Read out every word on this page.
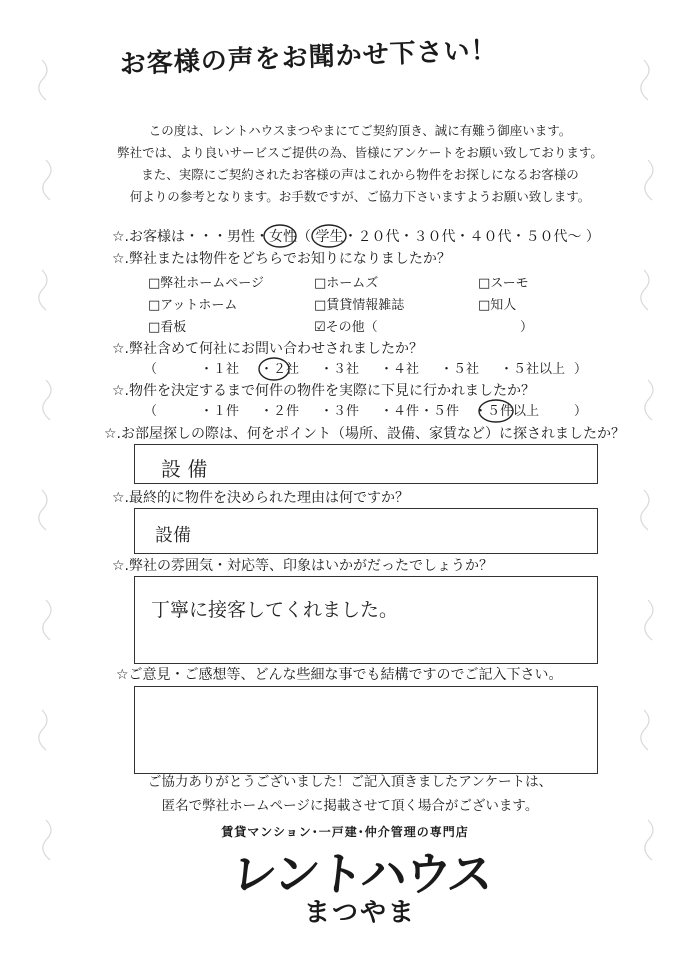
お客様の声をお聞かせ下さい！
この度は、レントハウスまつやまにてご契約頂き、誠に有難う御座います。
弊社では、より良いサービスご提供の為、皆様にアンケートをお願い致しております。
また、実際にご契約されたお客様の声はこれから物件をお探しになるお客様の
何よりの参考となります。お手数ですが、ご協力下さいますようお願い致します。
☆.お客様は・・・男性・女性（ 学生・２０代・３０代・４０代・５０代～ ）
☆.弊社または物件をどちらでお知りになりましたか？
□弊社ホームページ	□ホームズ	□スーモ
□アットホーム	□賃貸情報雑誌	□知人
□看板	☑その他（	）
☆.弊社含めて何社にお問い合わせされましたか？
（	・１社 ・２社 ・３社 ・４社 ・５社 ・５社以上 ）
☆.物件を決定するまで何件の物件を実際に下見に行かれましたか？
（	・１件 ・２件 ・３件 ・４件 ・５件 ・５件以上	）
☆.お部屋探しの際は、何をポイント（場所、設備、家賃など）に探されましたか？
設 備
☆.最終的に物件を決められた理由は何ですか？
設備
☆.弊社の雰囲気・対応等、印象はいかがだったでしょうか？
丁寧に接客してくれました。
☆ご意見・ご感想等、どんな些細な事でも結構ですのでご記入下さい。
ご協力ありがとうございました！ご記入頂きましたアンケートは、
匿名で弊社ホームページに掲載させて頂く場合がございます。
賃貸マンション･一戸建･仲介管理の専門店
レントハウス
まつやま
